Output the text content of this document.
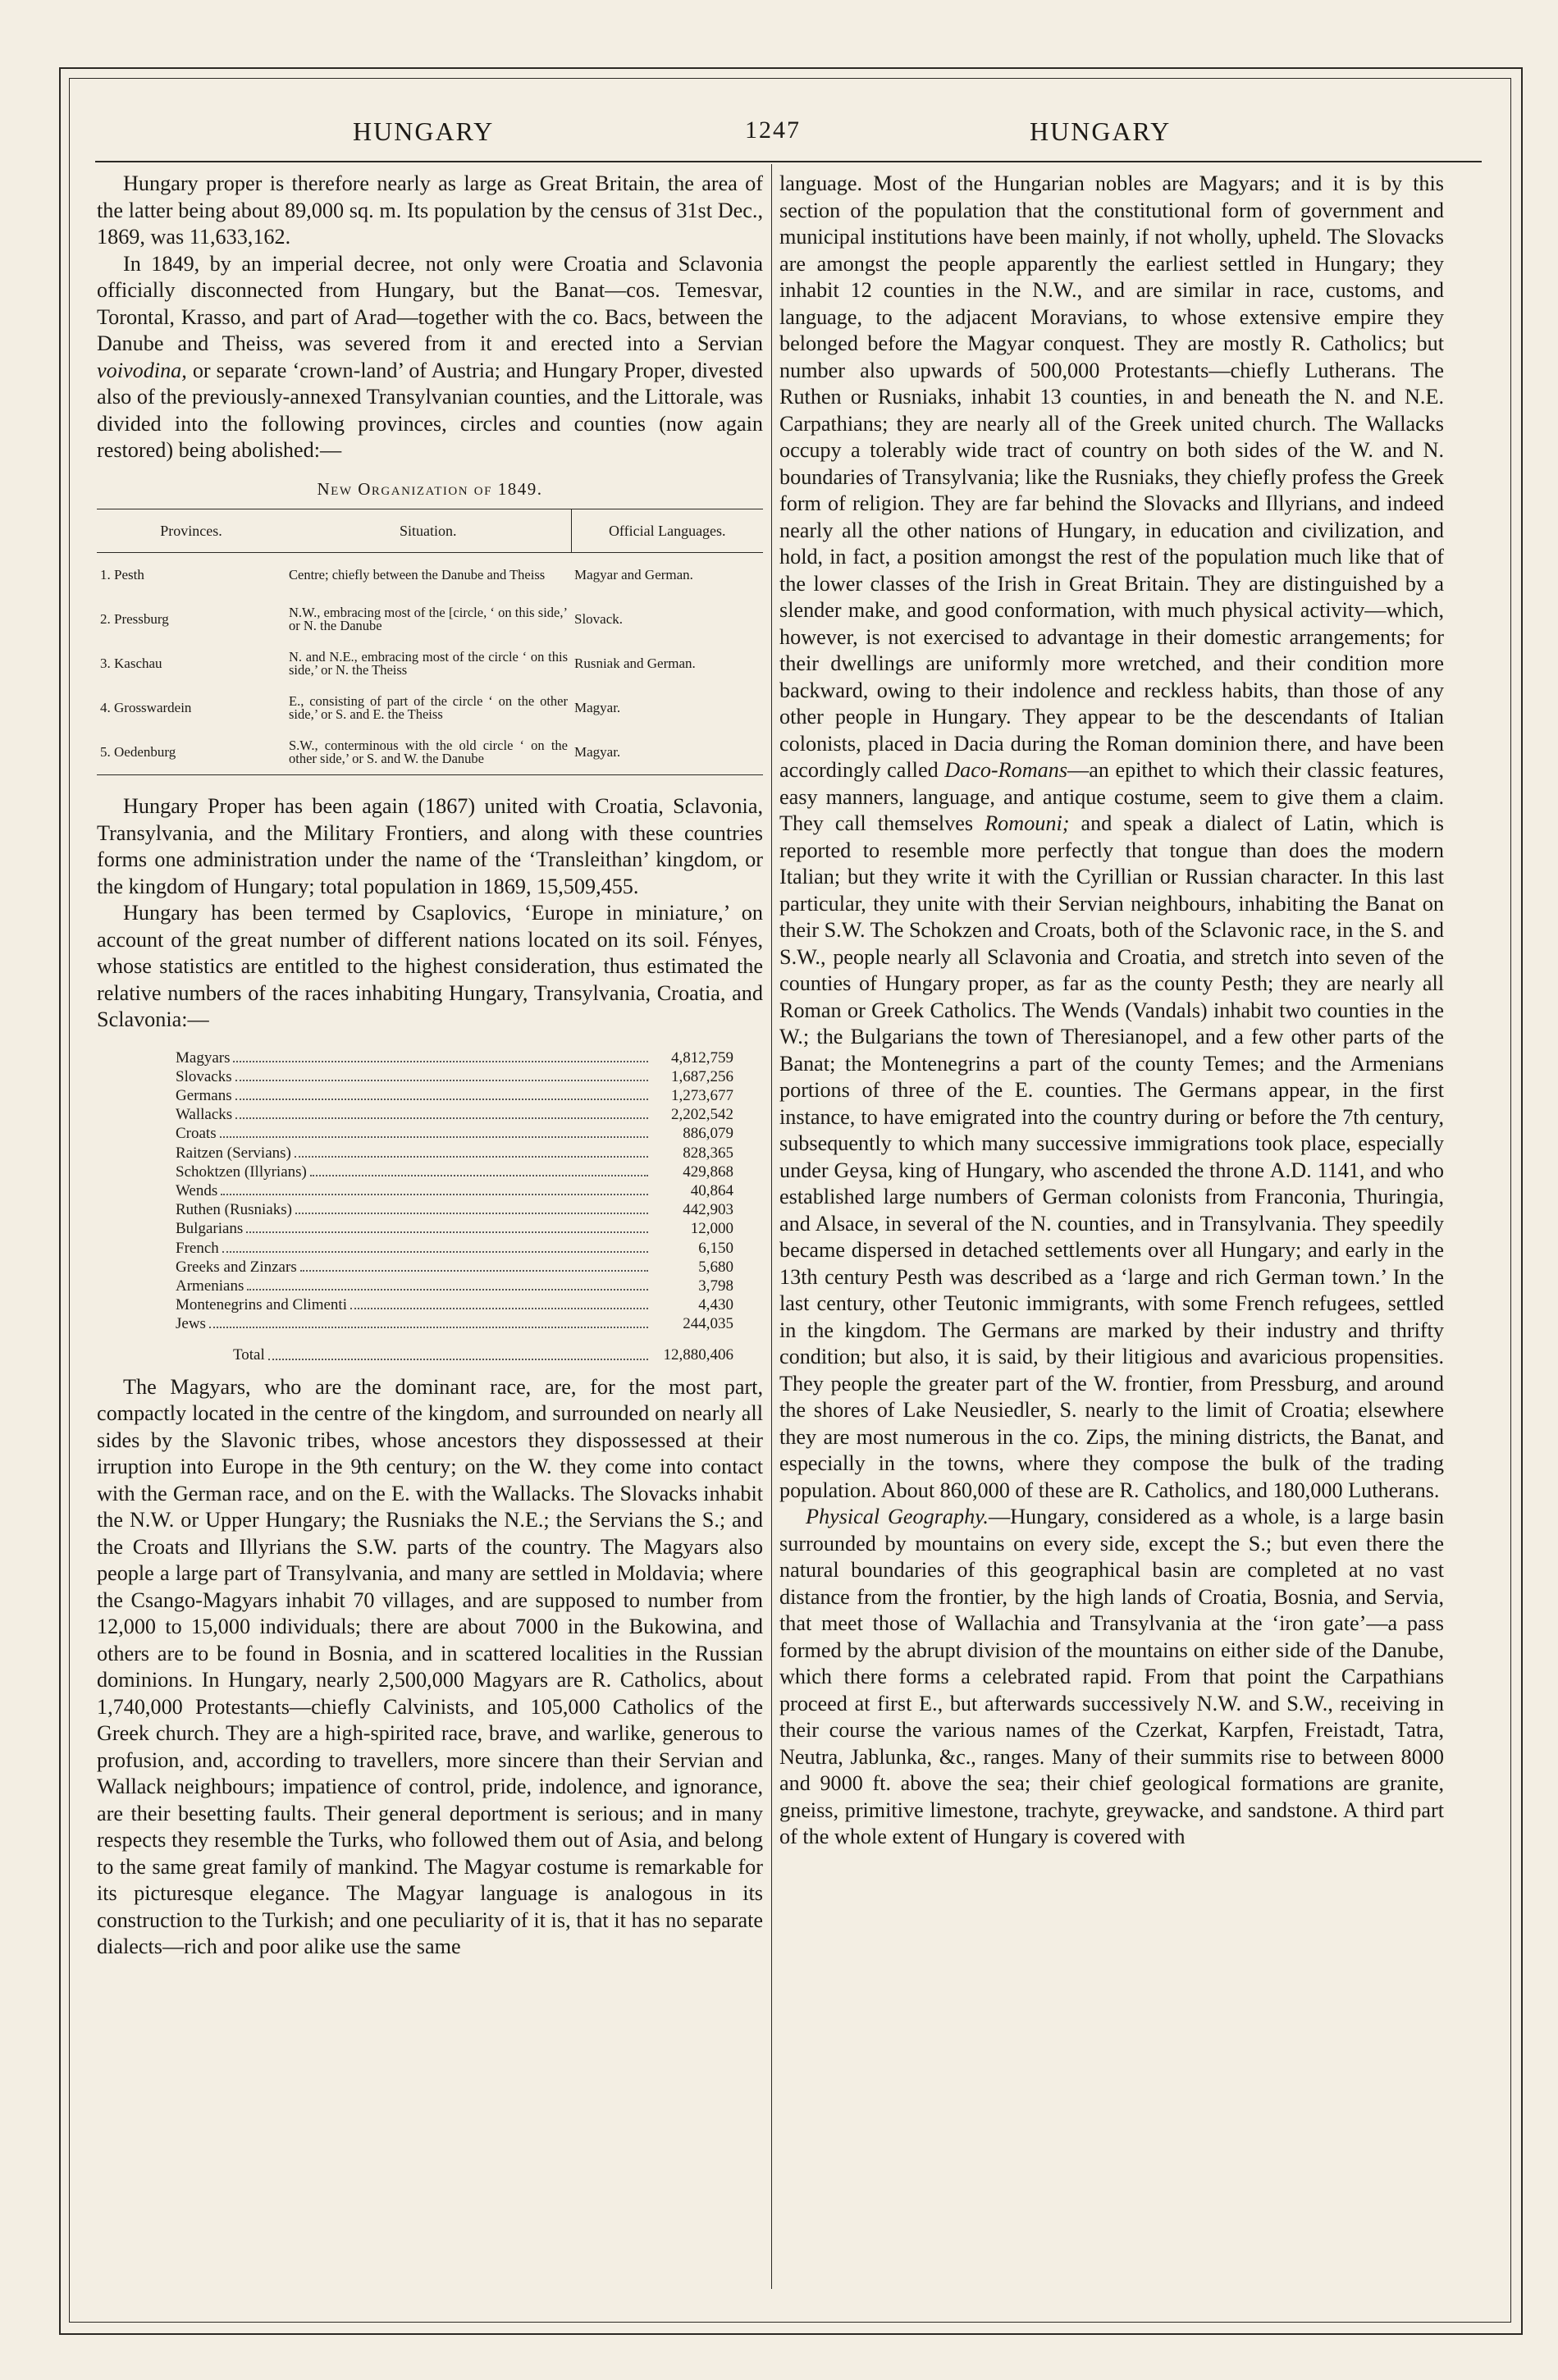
HUNGARY	1247	HUNGARY

Hungary proper is therefore nearly as large as Great Britain, the area of the latter being about 89,000 sq. m. Its population by the census of 31st Dec., 1869, was 11,633,162.

In 1849, by an imperial decree, not only were Croatia and Sclavonia officially disconnected from Hungary, but the Banat—cos. Temesvar, Torontal, Krasso, and part of Arad—together with the co. Bacs, between the Danube and Theiss, was severed from it and erected into a Servian voivodina, or separate ‘crown-land’ of Austria; and Hungary Proper, divested also of the previously-annexed Transylvanian counties, and the Littorale, was divided into the following provinces, circles and counties (now again restored) being abolished:—

New Organization of 1849.
Provinces.	Situation.	Official Languages.
1. Pesth	Centre; chiefly between the Danube and Theiss	Magyar and German.
2. Pressburg	N.W., embracing most of the [circle, ‘ on this side,’ or N. the Danube	Slovack.
3. Kaschau	N. and N.E., embracing most of the circle ‘ on this side,’ or N. the Theiss	Rusniak and German.
4. Grosswardein	E., consisting of part of the circle ‘ on the other side,’ or S. and E. the Theiss	Magyar.
5. Oedenburg	S.W., conterminous with the old circle ‘ on the other side,’ or S. and W. the Danube	Magyar.

Hungary Proper has been again (1867) united with Croatia, Sclavonia, Transylvania, and the Military Frontiers, and along with these countries forms one administration under the name of the ‘Transleithan’ kingdom, or the kingdom of Hungary; total population in 1869, 15,509,455.

Hungary has been termed by Csaplovics, ‘Europe in miniature,’ on account of the great number of different nations located on its soil. Fényes, whose statistics are entitled to the highest consideration, thus estimated the relative numbers of the races inhabiting Hungary, Transylvania, Croatia, and Sclavonia:—

Magyars	4,812,759
Slovacks	1,687,256
Germans	1,273,677
Wallacks	2,202,542
Croats	886,079
Raitzen (Servians)	828,365
Schoktzen (Illyrians)	429,868
Wends	40,864
Ruthen (Rusniaks)	442,903
Bulgarians	12,000
French	6,150
Greeks and Zinzars	5,680
Armenians	3,798
Montenegrins and Climenti	4,430
Jews	244,035
Total	12,880,406

The Magyars, who are the dominant race, are, for the most part, compactly located in the centre of the kingdom, and surrounded on nearly all sides by the Slavonic tribes, whose ancestors they dispossessed at their irruption into Europe in the 9th century; on the W. they come into contact with the German race, and on the E. with the Wallacks. The Slovacks inhabit the N.W. or Upper Hungary; the Rusniaks the N.E.; the Servians the S.; and the Croats and Illyrians the S.W. parts of the country. The Magyars also people a large part of Transylvania, and many are settled in Moldavia; where the Csango-Magyars inhabit 70 villages, and are supposed to number from 12,000 to 15,000 individuals; there are about 7000 in the Bukowina, and others are to be found in Bosnia, and in scattered localities in the Russian dominions. In Hungary, nearly 2,500,000 Magyars are R. Catholics, about 1,740,000 Protestants—chiefly Calvinists, and 105,000 Catholics of the Greek church. They are a high-spirited race, brave, and warlike, generous to profusion, and, according to travellers, more sincere than their Servian and Wallack neighbours; impatience of control, pride, indolence, and ignorance, are their besetting faults. Their general deportment is serious; and in many respects they resemble the Turks, who followed them out of Asia, and belong to the same great family of mankind. The Magyar costume is remarkable for its picturesque elegance. The Magyar language is analogous in its construction to the Turkish; and one peculiarity of it is, that it has no separate dialects—rich and poor alike use the same

language. Most of the Hungarian nobles are Magyars; and it is by this section of the population that the constitutional form of government and municipal institutions have been mainly, if not wholly, upheld. The Slovacks are amongst the people apparently the earliest settled in Hungary; they inhabit 12 counties in the N.W., and are similar in race, customs, and language, to the adjacent Moravians, to whose extensive empire they belonged before the Magyar conquest. They are mostly R. Catholics; but number also upwards of 500,000 Protestants—chiefly Lutherans. The Ruthen or Rusniaks, inhabit 13 counties, in and beneath the N. and N.E. Carpathians; they are nearly all of the Greek united church. The Wallacks occupy a tolerably wide tract of country on both sides of the W. and N. boundaries of Transylvania; like the Rusniaks, they chiefly profess the Greek form of religion. They are far behind the Slovacks and Illyrians, and indeed nearly all the other nations of Hungary, in education and civilization, and hold, in fact, a position amongst the rest of the population much like that of the lower classes of the Irish in Great Britain. They are distinguished by a slender make, and good conformation, with much physical activity—which, however, is not exercised to advantage in their domestic arrangements; for their dwellings are uniformly more wretched, and their condition more backward, owing to their indolence and reckless habits, than those of any other people in Hungary. They appear to be the descendants of Italian colonists, placed in Dacia during the Roman dominion there, and have been accordingly called Daco-Romans—an epithet to which their classic features, easy manners, language, and antique costume, seem to give them a claim. They call themselves Romouni; and speak a dialect of Latin, which is reported to resemble more perfectly that tongue than does the modern Italian; but they write it with the Cyrillian or Russian character. In this last particular, they unite with their Servian neighbours, inhabiting the Banat on their S.W. The Schokzen and Croats, both of the Sclavonic race, in the S. and S.W., people nearly all Sclavonia and Croatia, and stretch into seven of the counties of Hungary proper, as far as the county Pesth; they are nearly all Roman or Greek Catholics. The Wends (Vandals) inhabit two counties in the W.; the Bulgarians the town of Theresianopel, and a few other parts of the Banat; the Montenegrins a part of the county Temes; and the Armenians portions of three of the E. counties. The Germans appear, in the first instance, to have emigrated into the country during or before the 7th century, subsequently to which many successive immigrations took place, especially under Geysa, king of Hungary, who ascended the throne A.D. 1141, and who established large numbers of German colonists from Franconia, Thuringia, and Alsace, in several of the N. counties, and in Transylvania. They speedily became dispersed in detached settlements over all Hungary; and early in the 13th century Pesth was described as a ‘large and rich German town.’ In the last century, other Teutonic immigrants, with some French refugees, settled in the kingdom. The Germans are marked by their industry and thrifty condition; but also, it is said, by their litigious and avaricious propensities. They people the greater part of the W. frontier, from Pressburg, and around the shores of Lake Neusiedler, S. nearly to the limit of Croatia; elsewhere they are most numerous in the co. Zips, the mining districts, the Banat, and especially in the towns, where they compose the bulk of the trading population. About 860,000 of these are R. Catholics, and 180,000 Lutherans.

Physical Geography.—Hungary, considered as a whole, is a large basin surrounded by mountains on every side, except the S.; but even there the natural boundaries of this geographical basin are completed at no vast distance from the frontier, by the high lands of Croatia, Bosnia, and Servia, that meet those of Wallachia and Transylvania at the ‘iron gate’—a pass formed by the abrupt division of the mountains on either side of the Danube, which there forms a celebrated rapid. From that point the Carpathians proceed at first E., but afterwards successively N.W. and S.W., receiving in their course the various names of the Czerkat, Karpfen, Freistadt, Tatra, Neutra, Jablunka, &c., ranges. Many of their summits rise to between 8000 and 9000 ft. above the sea; their chief geological formations are granite, gneiss, primitive limestone, trachyte, greywacke, and sandstone. A third part of the whole extent of Hungary is covered with
